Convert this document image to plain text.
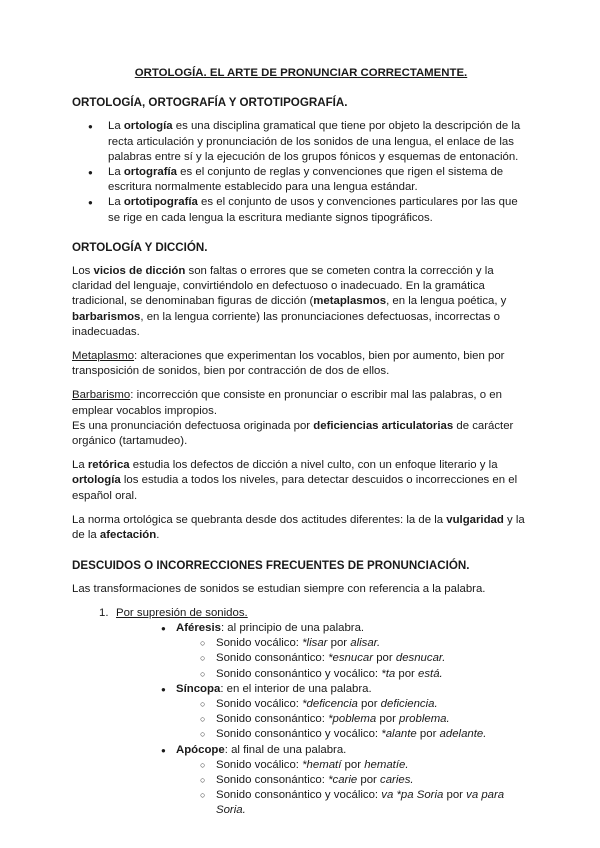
ORTOLOGÍA. EL ARTE DE PRONUNCIAR CORRECTAMENTE.
ORTOLOGÍA, ORTOGRAFÍA Y ORTOTIPOGRAFÍA.
● La ortología es una disciplina gramatical que tiene por objeto la descripción de la recta articulación y pronunciación de los sonidos de una lengua, el enlace de las palabras entre sí y la ejecución de los grupos fónicos y esquemas de entonación.
● La ortografía es el conjunto de reglas y convenciones que rigen el sistema de escritura normalmente establecido para una lengua estándar.
● La ortotipografía es el conjunto de usos y convenciones particulares por las que se rige en cada lengua la escritura mediante signos tipográficos.
ORTOLOGÍA Y DICCIÓN.

Los vicios de dicción son faltas o errores que se cometen contra la corrección y la claridad del lenguaje, convirtiéndolo en defectuoso o inadecuado. En la gramática tradicional, se denominaban figuras de dicción (metaplasmos, en la lengua poética, y barbarismos, en la lengua corriente) las pronunciaciones defectuosas, incorrectas o inadecuadas.

Metaplasmo: alteraciones que experimentan los vocablos, bien por aumento, bien por transposición de sonidos, bien por contracción de dos de ellos.

Barbarismo: incorrección que consiste en pronunciar o escribir mal las palabras, o en emplear vocablos impropios.
Es una pronunciación defectuosa originada por deficiencias articulatorias de carácter orgánico (tartamudeo).

La retórica estudia los defectos de dicción a nivel culto, con un enfoque literario y la ortología los estudia a todos los niveles, para detectar descuidos o incorrecciones en el español oral.

La norma ortológica se quebranta desde dos actitudes diferentes: la de la vulgaridad y la de la afectación.

DESCUIDOS O INCORRECCIONES FRECUENTES DE PRONUNCIACIÓN.

Las transformaciones de sonidos se estudian siempre con referencia a la palabra.

1. Por supresión de sonidos.
● Aféresis: al principio de una palabra.
○ Sonido vocálico: *lisar por alisar.
○ Sonido consonántico: *esnucar por desnucar.
○ Sonido consonántico y vocálico: *ta por está.
● Síncopa: en el interior de una palabra.
○ Sonido vocálico: *deficencia por deficiencia.
○ Sonido consonántico: *poblema por problema.
○ Sonido consonántico y vocálico: *alante por adelante.
● Apócope: al final de una palabra.
○ Sonido vocálico: *hematí por hematíe.
○ Sonido consonántico: *carie por caries.
○ Sonido consonántico y vocálico: va *pa Soria por va para Soria.
